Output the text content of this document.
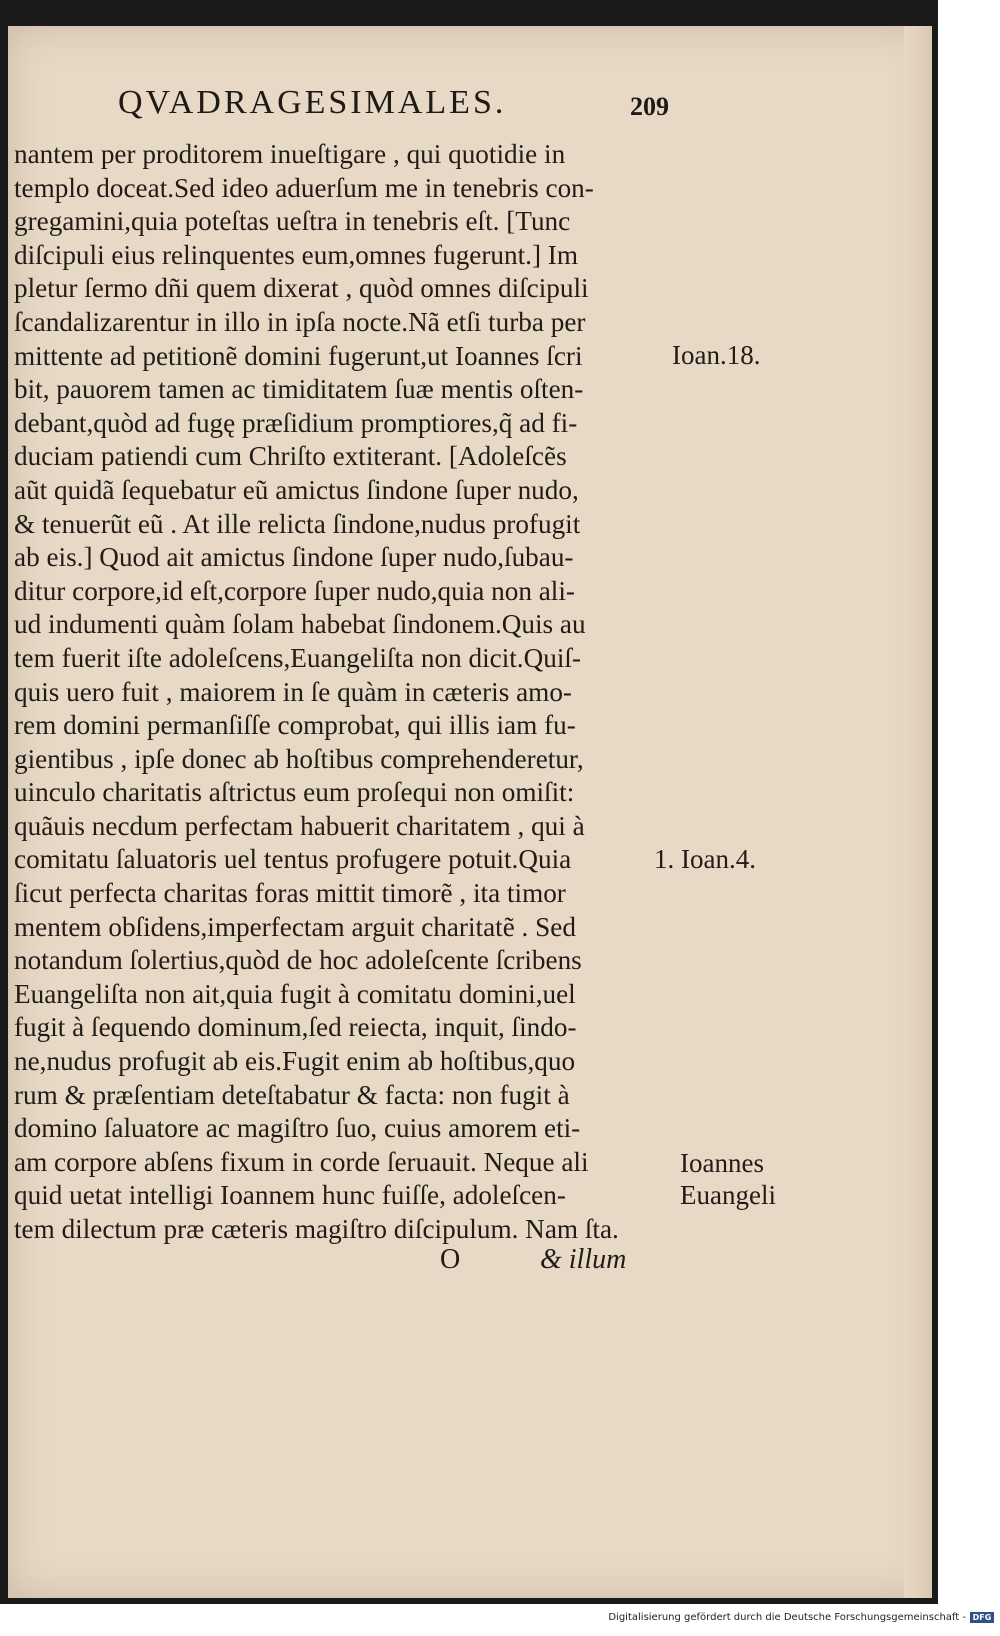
QVADRAGESIMALES.	209
nantem per proditorem inueſtigare , qui quotidie in
templo doceat.Sed ideo aduerſum me in tenebris con-
gregamini,quia poteſtas ueſtra in tenebris eſt. [Tunc
diſcipuli eius relinquentes eum,omnes fugerunt.] Im
pletur ſermo dñi quem dixerat , quòd omnes diſcipuli
ſcandalizarentur in illo in ipſa nocte.Nã etſi turba per
mittente ad petitionẽ domini fugerunt,ut Ioannes ſcri
bit, pauorem tamen ac timiditatem ſuæ mentis oſten-
debant,quòd ad fugę præſidium promptiores,q̃ ad fi-
duciam patiendi cum Chriſto extiterant. [Adoleſcẽs
aũt quidã ſequebatur eũ amictus ſindone ſuper nudo,
& tenuerũt eũ . At ille relicta ſindone,nudus profugit
ab eis.] Quod ait amictus ſindone ſuper nudo,ſubau-
ditur corpore,id eſt,corpore ſuper nudo,quia non ali-
ud indumenti quàm ſolam habebat ſindonem.Quis au
tem fuerit iſte adoleſcens,Euangeliſta non dicit.Quiſ-
quis uero fuit , maiorem in ſe quàm in cæteris amo-
rem domini permanſiſſe comprobat, qui illis iam fu-
gientibus , ipſe donec ab hoſtibus comprehenderetur,
uinculo charitatis aſtrictus eum proſequi non omiſit:
quãuis necdum perfectam habuerit charitatem , qui à
comitatu ſaluatoris uel tentus profugere potuit.Quia
ſicut perfecta charitas foras mittit timorẽ , ita timor
mentem obſidens,imperfectam arguit charitatẽ . Sed
notandum ſolertius,quòd de hoc adoleſcente ſcribens
Euangeliſta non ait,quia fugit à comitatu domini,uel
fugit à ſequendo dominum,ſed reiecta, inquit, ſindo-
ne,nudus profugit ab eis.Fugit enim ab hoſtibus,quo
rum & præſentiam deteſtabatur & facta: non fugit à
domino ſaluatore ac magiſtro ſuo, cuius amorem eti-
am corpore abſens fixum in corde ſeruauit. Neque ali
quid uetat intelligi Ioannem hunc fuiſſe, adoleſcen-
tem dilectum præ cæteris magiſtro diſcipulum. Nam ſta.
Ioan.18.
1. Ioan.4.
Ioannes
Euangeli
O	& illum
Digitalisierung gefördert durch die Deutsche Forschungsgemeinschaft - DFG
